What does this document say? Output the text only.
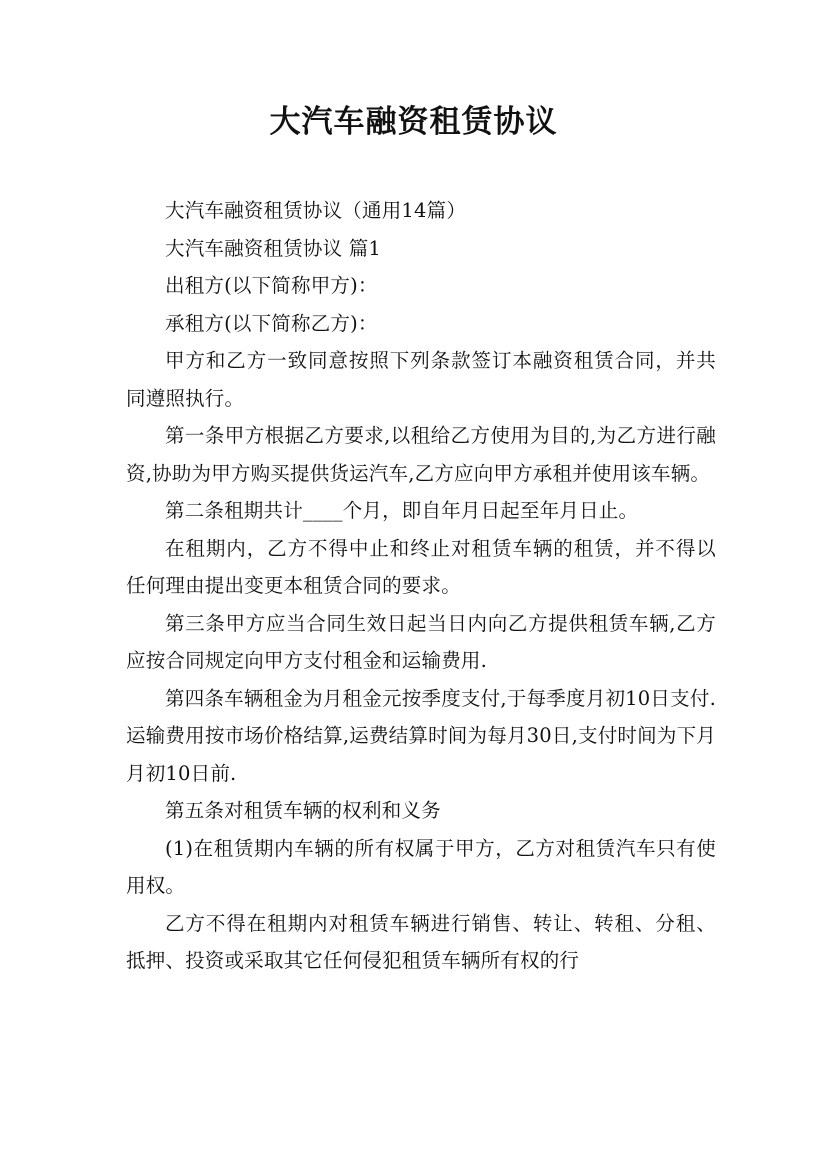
大汽车融资租赁协议

大汽车融资租赁协议（通用14篇）

大汽车融资租赁协议 篇1

出租方(以下简称甲方)：

承租方(以下简称乙方)：

甲方和乙方一致同意按照下列条款签订本融资租赁合同，并共同遵照执行。

第一条甲方根据乙方要求,以租给乙方使用为目的,为乙方进行融资,协助为甲方购买提供货运汽车,乙方应向甲方承租并使用该车辆。

第二条租期共计____个月，即自年月日起至年月日止。

在租期内，乙方不得中止和终止对租赁车辆的租赁，并不得以任何理由提出变更本租赁合同的要求。

第三条甲方应当合同生效日起当日内向乙方提供租赁车辆,乙方应按合同规定向甲方支付租金和运输费用.

第四条车辆租金为月租金元按季度支付,于每季度月初10日支付.运输费用按市场价格结算,运费结算时间为每月30日,支付时间为下月月初10日前.

第五条对租赁车辆的权利和义务

(1)在租赁期内车辆的所有权属于甲方，乙方对租赁汽车只有使用权。

乙方不得在租期内对租赁车辆进行销售、转让、转租、分租、抵押、投资或采取其它任何侵犯租赁车辆所有权的行
